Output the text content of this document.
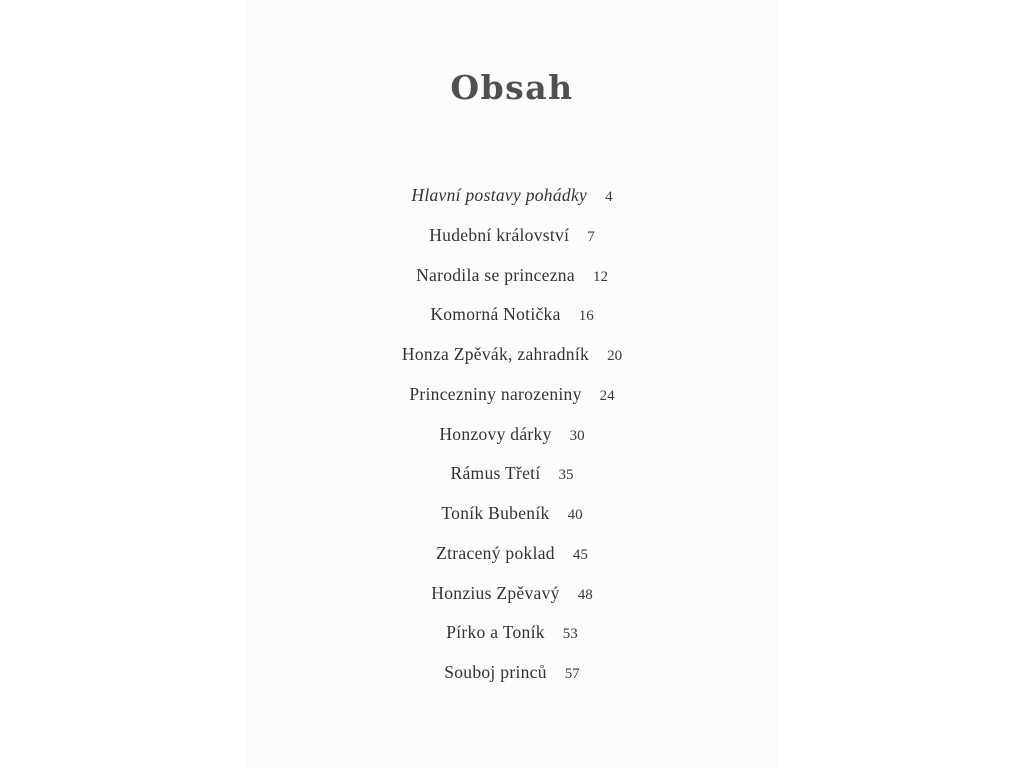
Obsah
Hlavní postavy pohádky 4
Hudební království 7
Narodila se princezna 12
Komorná Notička 16
Honza Zpěvák, zahradník 20
Princezniny narozeniny 24
Honzovy dárky 30
Rámus Třetí 35
Toník Bubeník 40
Ztracený poklad 45
Honzius Zpěvavý 48
Pírko a Toník 53
Souboj princů 57
